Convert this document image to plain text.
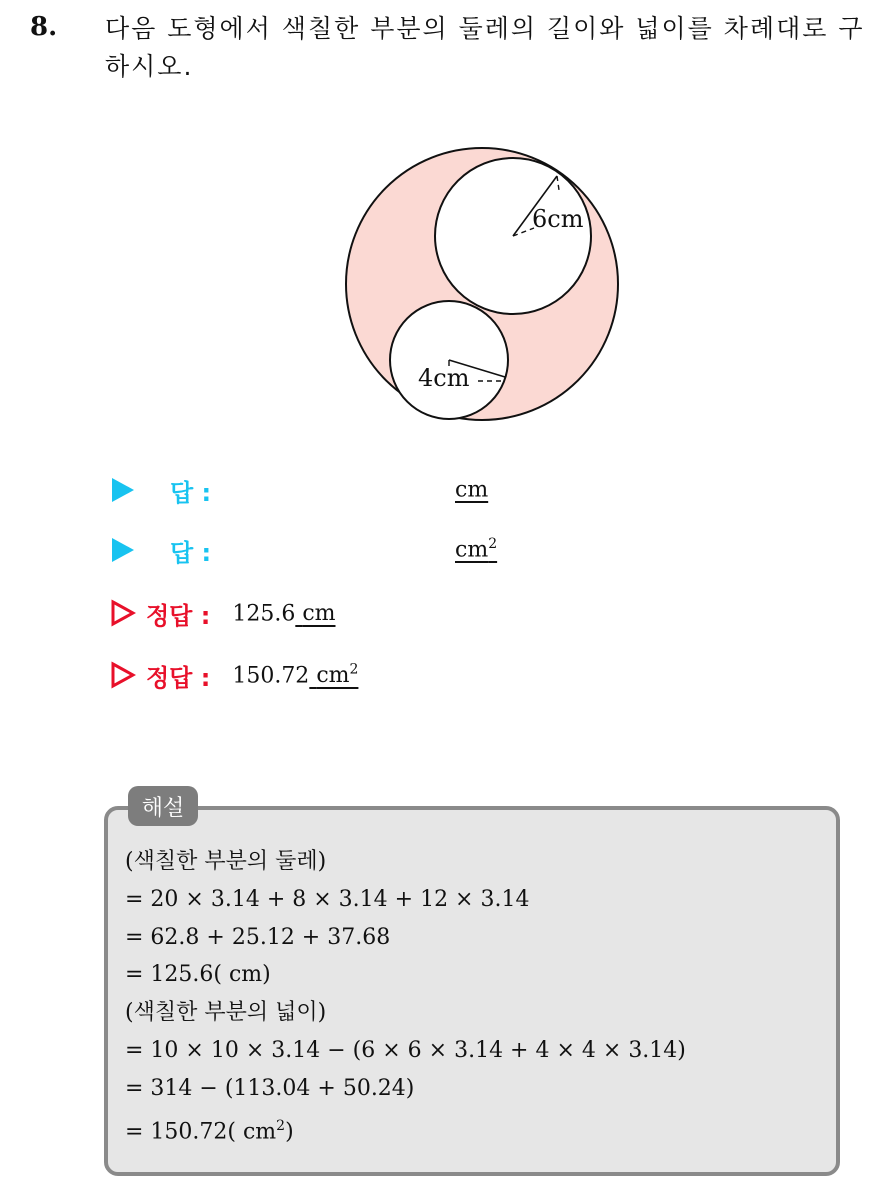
8. 다음 도형에서 색칠한 부분의 둘레의 길이와 넓이를 차례대로 구하시오.
6cm
4cm
답 :	cm
답 :	$cm^2$
정답 : 125.6 cm
정답 : 150.72 $cm^2$
해설
(색칠한 부분의 둘레)
= 20 × 3.14 + 8 × 3.14 + 12 × 3.14
= 62.8 + 25.12 + 37.68
= 125.6( cm)
(색칠한 부분의 넓이)
= 10 × 10 × 3.14 − (6 × 6 × 3.14 + 4 × 4 × 3.14)
= 314 − (113.04 + 50.24)
= 150.72( $cm^2$)
